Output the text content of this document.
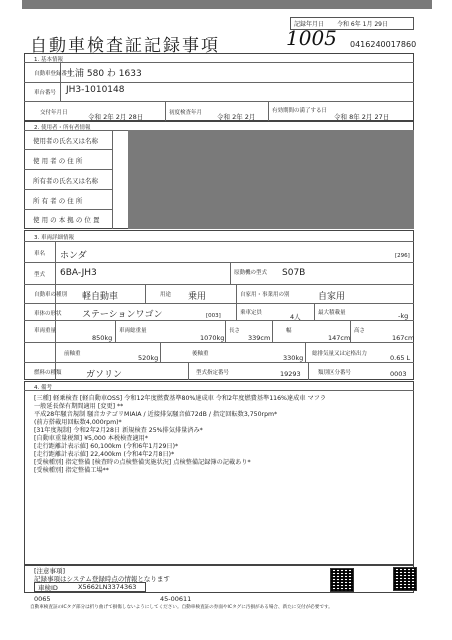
自動車検査証記録事項
記録年月日 令和 6年 1月 29日
1005 0416240017860
1. 基本情報
自動車登録番号
土浦 580 わ 1633
車台番号 JH3-1010148
交付年月日	令和 2年 2月 28日	初度検査年月 令和 2年 2月
有効期間の満了する日
令和 8年 2月 27日
2. 使用者・所有者情報
使用者の氏名又は名称
使 用 者 の 住 所
所有者の氏名又は名称
所 有 者 の 住 所
使 用 の 本 拠 の 位 置
3. 車両詳細情報
車名 ホンダ	[296]
型式 6BA-JH3	原動機の型式 S07B
自動車の種別 軽自動車	用途 乗用	自家用・事業用の別	自家用
車体の形状 ステーションワゴン	[003]	乗車定員	4人	最大積載量	-kg
車両重量
850kg
車両総重量
1070kg
長さ
339cm
幅
147cm
高さ
167cm
前軸重	520kg	後軸重	330kg 総排気量又は定格出力	0.65 L
燃料の種類	ガソリン	型式指定番号	19293	類別区分番号	0003
4. 備考
[三種] 軽乗検査 [軽自動車OSS] 令和12年度燃費基準80%達成車 令和2年度燃費基準116%達成車 マフラ
一般延長保有期間適用 [変更] **
平成28年騒音規制 騒音カテゴリMIAIA / 近接排気騒音値72dB / 指定回転数3,750rpm*
(前方搭載用回転数4,000rpm)*
[31年度規制] 令和2年2月28日 新規検査 25%排気排量済み*
[自動車重量税額] ¥5,000 本税検査適用*
[走行距離計表示値] 60,100km (令和6年1月29日)*
[走行距離計表示値] 22,400km (令和4年2月8日)*
[受検種別] 指定整備 [検査時の点検整備実施状況] 点検整備記録簿の記載あり*
[受検種別] 指定整備工場**
[注意事項]
記録事項はシステム登録時点の情報となります
車検ID	X5662LN3374363
0065	45-00611
自動車検査証のICタグ部分は折り曲げて損傷しないようにしてください。自動車検査証の券面やICタグに汚損がある場合、新たに交付が必要です。
